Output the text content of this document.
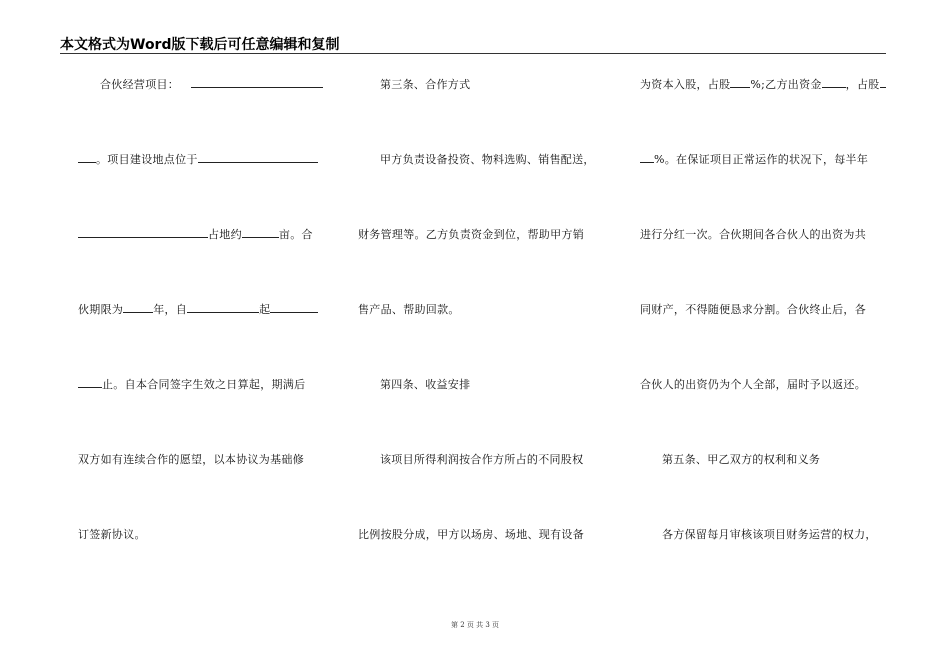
本文格式为Word版下载后可任意编辑和复制
合伙经营项目：
。项目建设地点位于
占地约	亩。合
伙期限为	年，自	起
止。自本合同签字生效之日算起，期满后
双方如有连续合作的愿望，以本协议为基础修
订签新协议。
第三条、合作方式
甲方负责设备投资、物料选购、销售配送，
财务管理等。乙方负责资金到位，帮助甲方销
售产品、帮助回款。
第四条、收益安排
该项目所得利润按合作方所占的不同股权
比例按股分成，甲方以场房、场地、现有设备
为资本入股，占股 %;乙方出资金 ，占股
%。在保证项目正常运作的状况下，每半年
进行分红一次。合伙期间各合伙人的出资为共
同财产，不得随便恳求分割。合伙终止后，各
合伙人的出资仍为个人全部，届时予以返还。
第五条、甲乙双方的权利和义务
各方保留每月审核该项目财务运营的权力，
第 2 页 共 3 页
